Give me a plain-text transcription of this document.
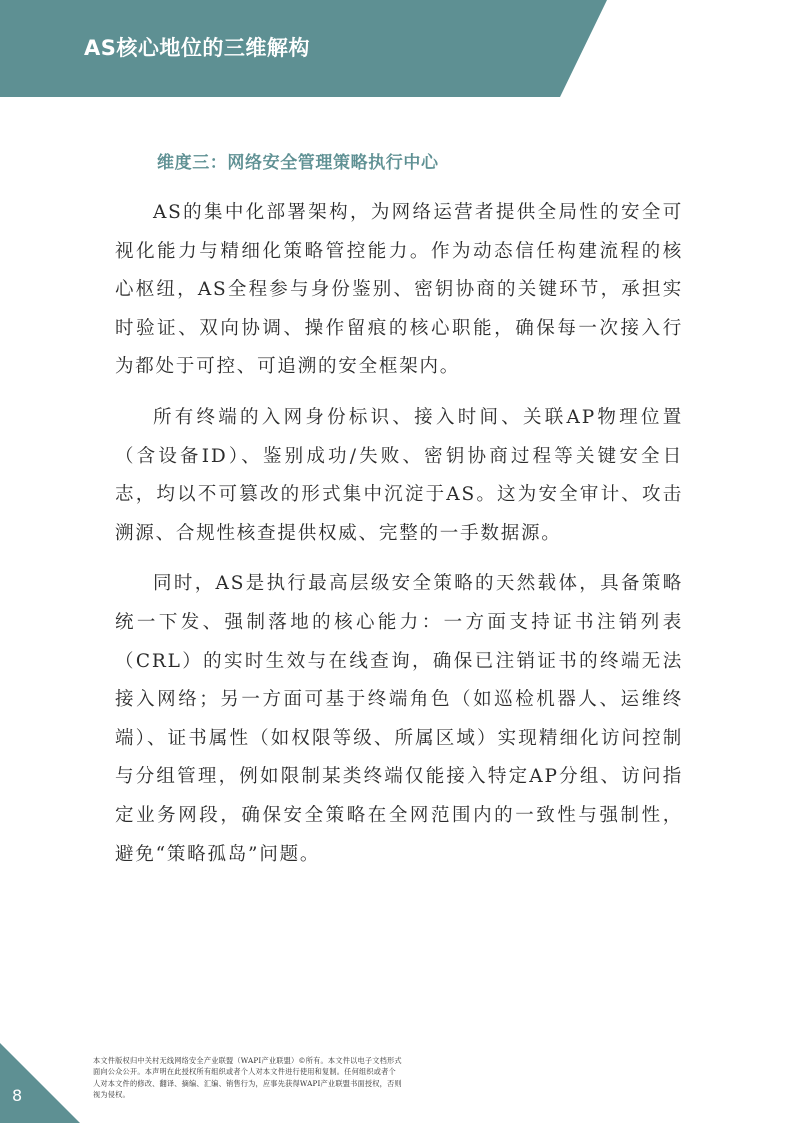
AS核心地位的三维解构
维度三：网络安全管理策略执行中心

AS的集中化部署架构，为网络运营者提供全局性的安全可视化能力与精细化策略管控能力。作为动态信任构建流程的核心枢纽，AS全程参与身份鉴别、密钥协商的关键环节，承担实时验证、双向协调、操作留痕的核心职能，确保每一次接入行为都处于可控、可追溯的安全框架内。

所有终端的入网身份标识、接入时间、关联AP物理位置（含设备ID）、鉴别成功/失败、密钥协商过程等关键安全日志，均以不可篡改的形式集中沉淀于AS。这为安全审计、攻击溯源、合规性核查提供权威、完整的一手数据源。

同时，AS是执行最高层级安全策略的天然载体，具备策略统一下发、强制落地的核心能力：一方面支持证书注销列表（CRL）的实时生效与在线查询，确保已注销证书的终端无法接入网络；另一方面可基于终端角色（如巡检机器人、运维终端）、证书属性（如权限等级、所属区域）实现精细化访问控制与分组管理，例如限制某类终端仅能接入特定AP分组、访问指定业务网段，确保安全策略在全网范围内的一致性与强制性，避免“策略孤岛”问题。

8
本文件版权归中关村无线网络安全产业联盟（WAPI产业联盟）©所有。本文件以电子文档形式面向公众公开。本声明在此授权所有组织或者个人对本文件进行使用和复制。任何组织或者个人对本文件的修改、翻译、摘编、汇编、销售行为，应事先获得WAPI产业联盟书面授权，否则视为侵权。
